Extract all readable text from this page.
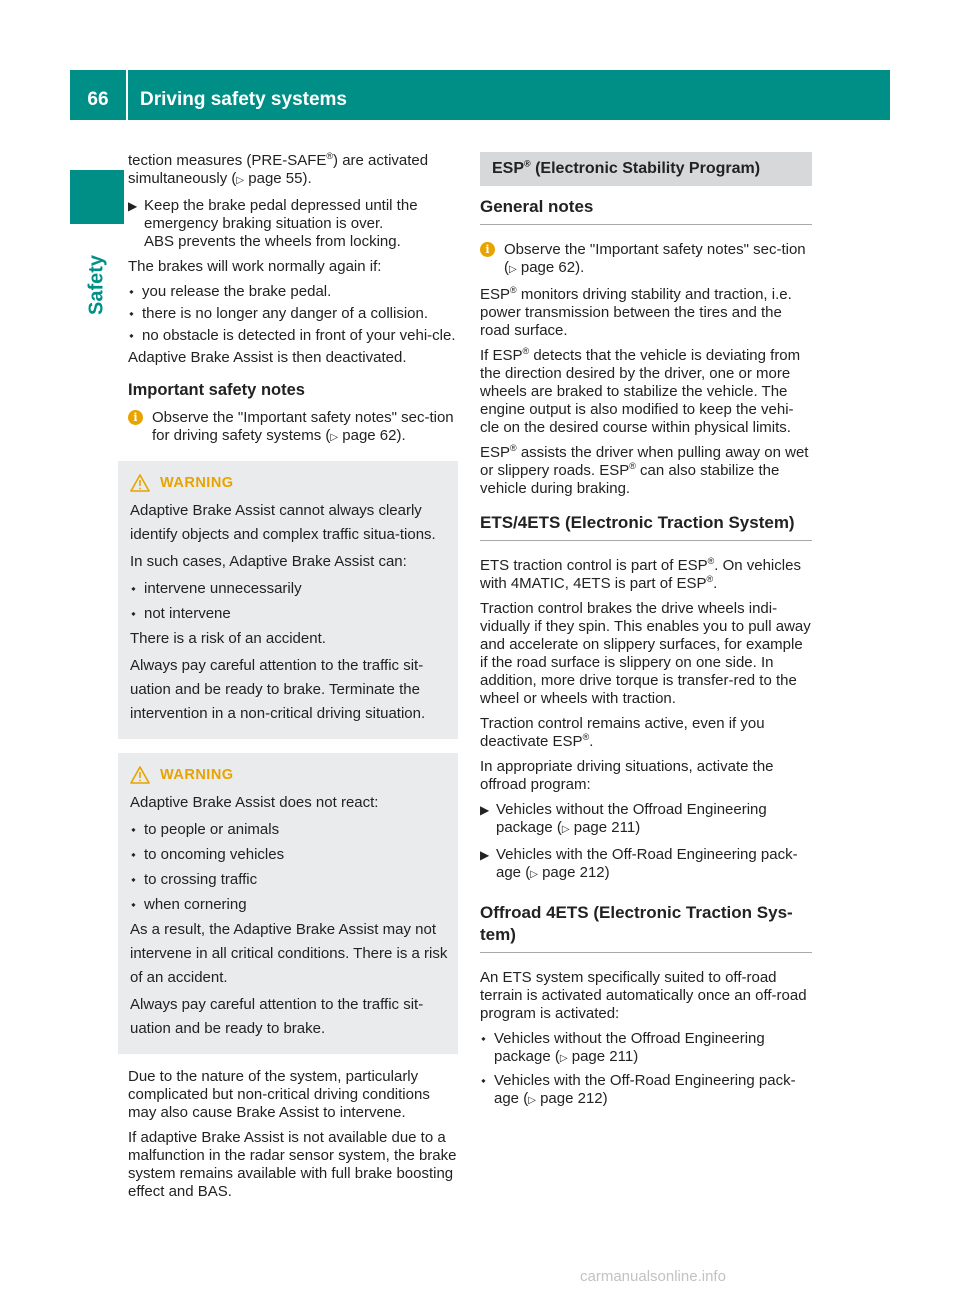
66	Driving safety systems
Safety

tection measures (PRE-SAFE®) are activated simultaneously (▷ page 55).

▶ Keep the brake pedal depressed until the emergency braking situation is over.
ABS prevents the wheels from locking.

The brakes will work normally again if:

■
you release the brake pedal.
■
there is no longer any danger of a collision.
■
no obstacle is detected in front of your vehi-cle.

Adaptive Brake Assist is then deactivated.

Important safety notes
i Observe the "Important safety notes" sec-tion for driving safety systems (▷ page 62).
WARNING
Adaptive Brake Assist cannot always clearly identify objects and complex traffic situa-tions.
In such cases, Adaptive Brake Assist can:
■
intervene unnecessarily
■
not intervene
There is a risk of an accident.
Always pay careful attention to the traffic sit-uation and be ready to brake. Terminate the intervention in a non-critical driving situation.
WARNING
Adaptive Brake Assist does not react:
■
to people or animals
■
to oncoming vehicles
■
to crossing traffic
■
when cornering
As a result, the Adaptive Brake Assist may not intervene in all critical conditions. There is a risk of an accident.
Always pay careful attention to the traffic sit-uation and be ready to brake.

Due to the nature of the system, particularly complicated but non-critical driving conditions may also cause Brake Assist to intervene.

If adaptive Brake Assist is not available due to a malfunction in the radar sensor system, the brake system remains available with full brake boosting effect and BAS.

ESP® (Electronic Stability Program)
General notes
i Observe the "Important safety notes" sec-tion (▷ page 62).

ESP® monitors driving stability and traction, i.e. power transmission between the tires and the road surface.

If ESP® detects that the vehicle is deviating from the direction desired by the driver, one or more wheels are braked to stabilize the vehicle. The engine output is also modified to keep the vehi-cle on the desired course within physical limits.

ESP® assists the driver when pulling away on wet or slippery roads. ESP® can also stabilize the vehicle during braking.

ETS/4ETS (Electronic Traction System)

ETS traction control is part of ESP®. On vehicles with 4MATIC, 4ETS is part of ESP®.

Traction control brakes the drive wheels indi-vidually if they spin. This enables you to pull away and accelerate on slippery surfaces, for example if the road surface is slippery on one side. In addition, more drive torque is transfer-red to the wheel or wheels with traction.

Traction control remains active, even if you deactivate ESP®.

In appropriate driving situations, activate the offroad program:

▶ Vehicles without the Offroad Engineering package (▷ page 211)
▶ Vehicles with the Off-Road Engineering pack-age (▷ page 212)
Offroad 4ETS (Electronic Traction Sys-tem)

An ETS system specifically suited to off-road terrain is activated automatically once an off-road program is activated:

■
Vehicles without the Offroad Engineering package (▷ page 211)
■
Vehicles with the Off-Road Engineering pack-age (▷ page 212)
carmanualsonline.info
